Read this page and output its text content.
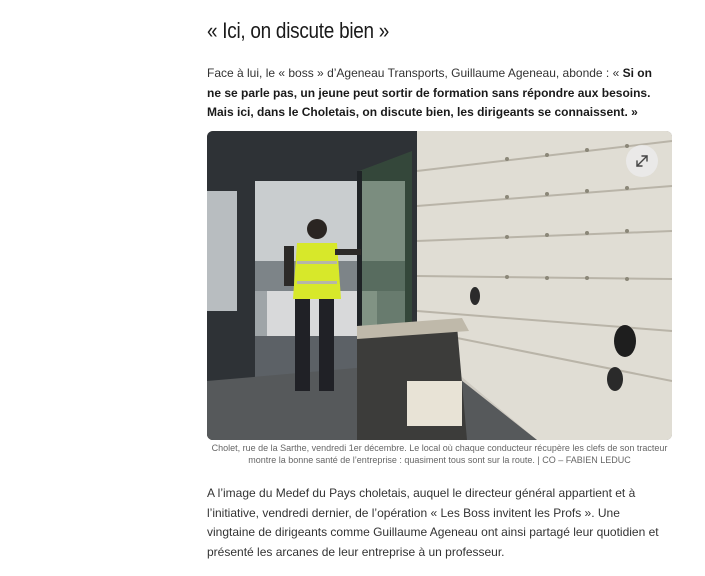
« Ici, on discute bien »

Face à lui, le « boss » d’Ageneau Transports, Guillaume Ageneau, abonde : « Si on ne se parle pas, un jeune peut sortir de formation sans répondre aux besoins. Mais ici, dans le Choletais, on discute bien, les dirigeants se connaissent. »

Cholet, rue de la Sarthe, vendredi 1er décembre. Le local où chaque conducteur récupère les clefs de son tracteur montre la bonne santé de l’entreprise : quasiment tous sont sur la route. | CO – FABIEN LEDUC

A l’image du Medef du Pays choletais, auquel le directeur général appartient et à l’initiative, vendredi dernier, de l’opération « Les Boss invitent les Profs ». Une vingtaine de dirigeants comme Guillaume Ageneau ont ainsi partagé leur quotidien et présenté les arcanes de leur entreprise à un professeur.
